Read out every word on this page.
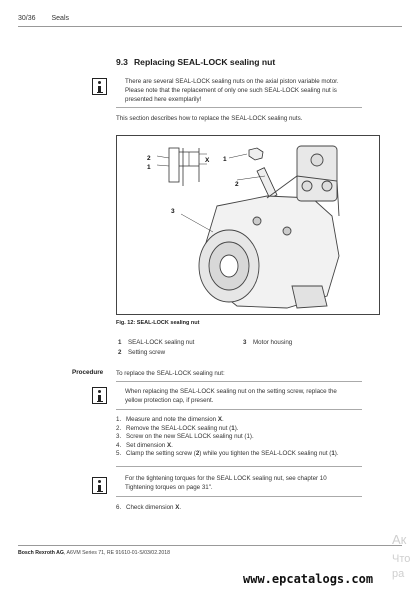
30/36 Seals
9.3 Replacing SEAL-LOCK sealing nut
There are several SEAL-LOCK sealing nuts on the axial piston variable motor.
Please note that the replacement of only one such SEAL-LOCK sealing nut is
presented here exemplarily!
This section describes how to replace the SEAL-LOCK sealing nuts.
2
1
X 1
2
3
Fig. 12: SEAL-LOCK sealing nut
1	SEAL-LOCK sealing nut	3	Motor housing
2	Setting screw
Procedure To replace the SEAL-LOCK sealing nut:
When replacing the SEAL-LOCK sealing nut on the setting screw, replace the
yellow protection cap, if present.
1. Measure and note the dimension X.
2. Remove the SEAL-LOCK sealing nut (1).
3. Screw on the new SEAL LOCK sealing nut (1).
4. Set dimension X.
5. Clamp the setting screw (2) while you tighten the SEAL-LOCK sealing nut (1).
For the tightening torques for the SEAL LOCK sealing nut, see chapter 10
Tightening torques on page 31".
6. Check dimension X.
Bosch Rexroth AG, A6VM Series 71, RE 91610-01-S/03/02.2018
www.epcatalogs.com
Ак
Что
ра
